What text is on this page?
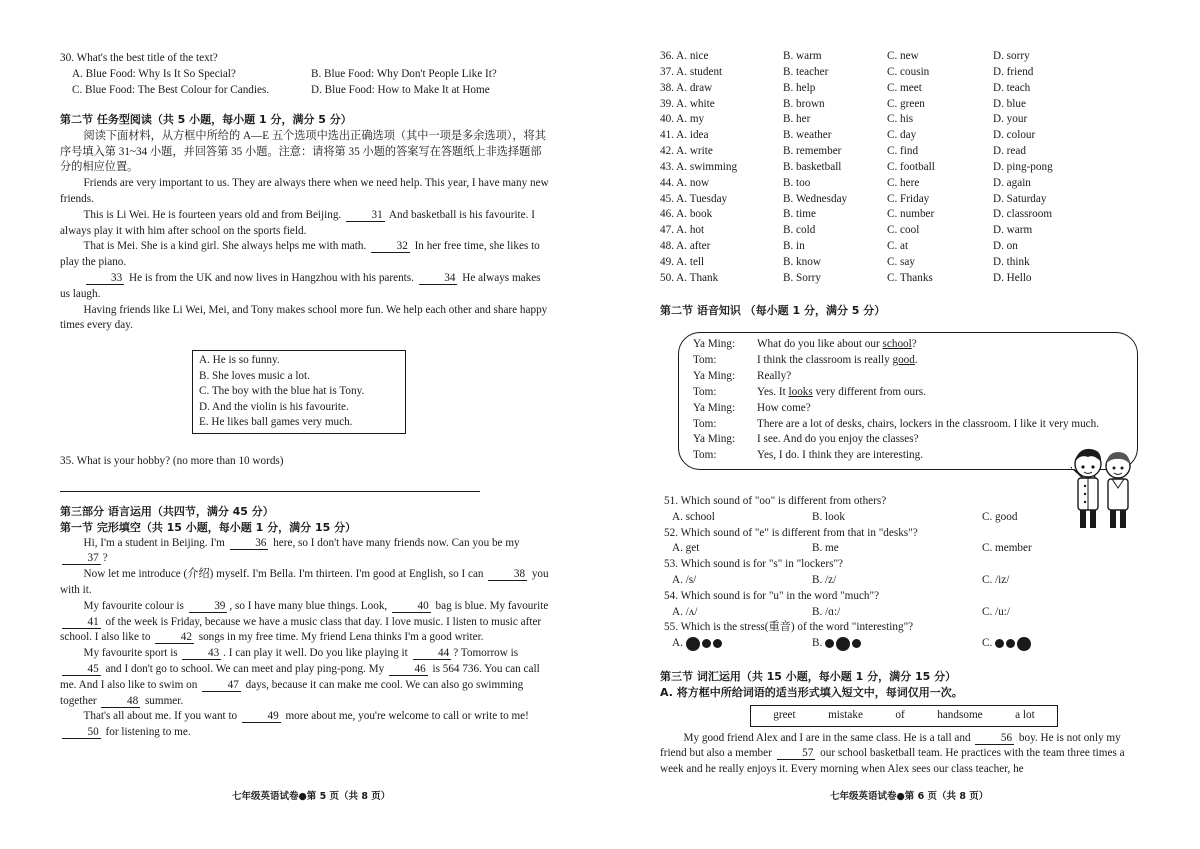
30. What's the best title of the text?

A. Blue Food: Why Is It So Special?	B. Blue Food: Why Don't People Like It?
C. Blue Food: The Best Colour for Candies.	D. Blue Food: How to Make It at Home

第二节 任务型阅读（共 5 小题，每小题 1 分，满分 5 分）

阅读下面材料，从方框中所给的 A—E 五个选项中选出正确选项（其中一项是多余选项），将其序号填入第 31~34 小题，并回答第 35 小题。注意：请将第 35 小题的答案写在答题纸上非选择题部分的相应位置。

Friends are very important to us. They are always there when we need help. This year, I have many new friends.

This is Li Wei. He is fourteen years old and from Beijing.	31 And basketball is his favourite. I always play it with him after school on the sports field.

That is Mei. She is a kind girl. She always helps me with math.	32 In her free time, she likes to play the piano.

33 He is from the UK and now lives in Hangzhou with his parents.	34 He always makes us laugh.

Having friends like Li Wei, Mei, and Tony makes school more fun. We help each other and share happy times every day.

A. He is so funny.
B. She loves music a lot.
C. The boy with the blue hat is Tony.
D. And the violin is his favourite.
E. He likes ball games very much.

35. What is your hobby? (no more than 10 words)

第三部分 语言运用（共四节，满分 45 分）

第一节 完形填空（共 15 小题，每小题 1 分，满分 15 分）

Hi, I'm a student in Beijing. I'm	36 here, so I don't have many friends now. Can you be my 37 ?

Now let me introduce (介绍) myself. I'm Bella. I'm thirteen. I'm good at English, so I can	38 you with it.

My favourite colour is	39 , so I have many blue things. Look,	40 bag is blue. My favourite 41 of the week is Friday, because we have a music class that day. I love music. I listen to music after school. I also like to	42 songs in my free time. My friend Lena thinks I'm a good writer.

My favourite sport is	43 . I can play it well. Do you like playing it	44 ? Tomorrow is 45 and I don't go to school. We can meet and play ping-pong. My	46 is 564 736. You can call me. And I also like to swim on	47 days, because it can make me cool. We can also go swimming together	48 summer.

That's all about me. If you want to	49 more about me, you're welcome to call or write to me! 50 for listening to me.

七年级英语试卷●第 5 页（共 8 页）
36. A. nice	B. warm	C. new	D. sorry
37. A. student	B. teacher	C. cousin	D. friend
38. A. draw	B. help	C. meet	D. teach
39. A. white	B. brown	C. green	D. blue
40. A. my	B. her	C. his	D. your
41. A. idea	B. weather	C. day	D. colour
42. A. write	B. remember	C. find	D. read
43. A. swimming	B. basketball	C. football	D. ping-pong
44. A. now	B. too	C. here	D. again
45. A. Tuesday	B. Wednesday	C. Friday	D. Saturday
46. A. book	B. time	C. number	D. classroom
47. A. hot	B. cold	C. cool	D. warm
48. A. after	B. in	C. at	D. on
49. A. tell	B. know	C. say	D. think
50. A. Thank	B. Sorry	C. Thanks	D. Hello

第二节 语音知识 （每小题 1 分，满分 5 分）

Ya Ming:	What do you like about our school?
Tom:	I think the classroom is really good.
Ya Ming:	Really?
Tom:	Yes. It looks very different from ours.
Ya Ming:	How come?
Tom:	There are a lot of desks, chairs, lockers in the classroom. I like it very much.
Ya Ming:	I see. And do you enjoy the classes?
Tom:	Yes, I do. I think they are interesting.

51. Which sound of "oo" is different from others?

A. school	B. look	C. good

52. Which sound of "e" is different from that in "desks"?

A. get	B. me	C. member

53. Which sound is for "s" in "lockers"?

A. /s/	B. /z/	C. /iz/

54. Which sound is for "u" in the word "much"?

A. /ʌ/	B. /ɑ:/	C. /u:/

55. Which is the stress(重音) of the word "interesting"?

A.	B.	C.

第三节 词汇运用（共 15 小题，每小题 1 分，满分 15 分）

A. 将方框中所给词语的适当形式填入短文中，每词仅用一次。

greet	mistake	of	handsome	a lot

My good friend Alex and I are in the same class. He is a tall and	56 boy. He is not only my friend but also a member	57 our school basketball team. He practices with the team three times a week and he really enjoys it. Every morning when Alex sees our class teacher, he

七年级英语试卷●第 6 页（共 8 页）
